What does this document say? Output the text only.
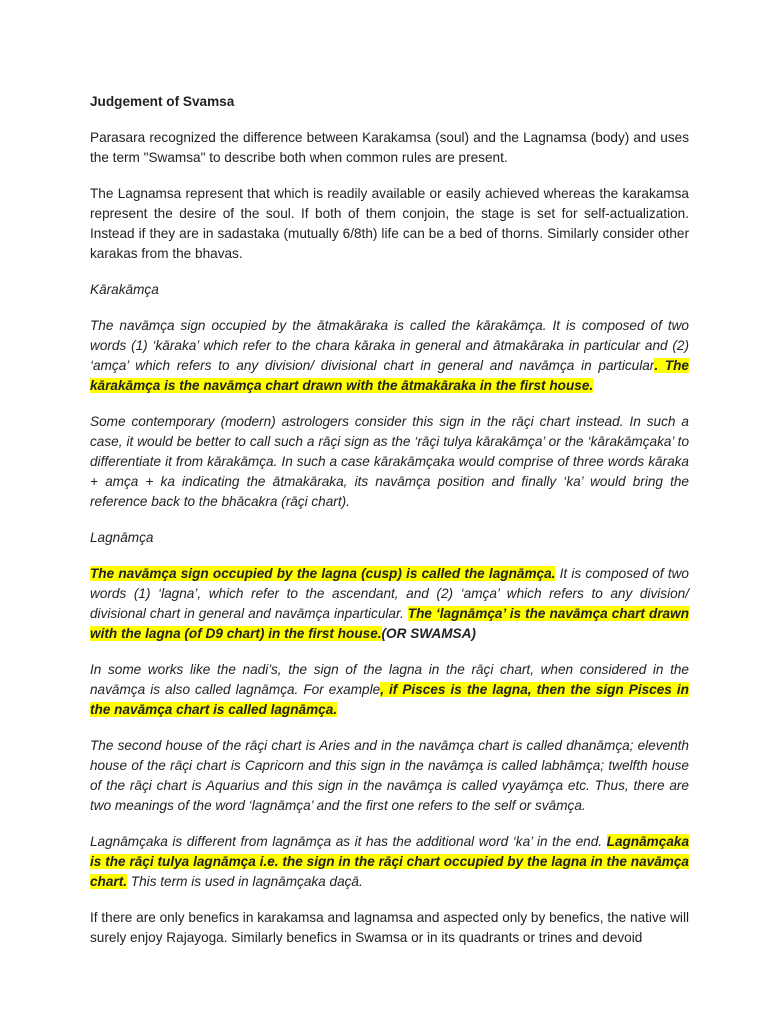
Judgement of Svamsa

Parasara recognized the difference between Karakamsa (soul) and the Lagnamsa (body) and uses the term "Swamsa" to describe both when common rules are present.

The Lagnamsa represent that which is readily available or easily achieved whereas the karakamsa represent the desire of the soul. If both of them conjoin, the stage is set for self-actualization. Instead if they are in sadastaka (mutually 6/8th) life can be a bed of thorns. Similarly consider other karakas from the bhavas.

Kārakāmça

The navāmça sign occupied by the ātmakāraka is called the kārakāmça. It is composed of two words (1) ‘kāraka’ which refer to the chara kāraka in general and ātmakāraka in particular and (2) ‘amça’ which refers to any division/ divisional chart in general and navāmça in particular. The kārakāmça is the navāmça chart drawn with the ātmakāraka in the first house.

Some contemporary (modern) astrologers consider this sign in the rāçi chart instead. In such a case, it would be better to call such a rāçi sign as the ‘rāçi tulya kārakāmça’ or the ‘kārakāmçaka’ to differentiate it from kārakāmça. In such a case kārakāmçaka would comprise of three words kāraka + amça + ka indicating the ātmakāraka, its navāmça position and finally ‘ka’ would bring the reference back to the bhācakra (rāçi chart).

Lagnāmça

The navāmça sign occupied by the lagna (cusp) is called the lagnāmça. It is composed of two words (1) ‘lagna’, which refer to the ascendant, and (2) ‘amça’ which refers to any division/ divisional chart in general and navāmça inparticular. The ‘lagnāmça’ is the navāmça chart drawn with the lagna (of D9 chart) in the first house.(OR SWAMSA)

In some works like the nadi’s, the sign of the lagna in the rāçi chart, when considered in the navāmça is also called lagnāmça. For example, if Pisces is the lagna, then the sign Pisces in the navāmça chart is called lagnāmça.

The second house of the rāçi chart is Aries and in the navāmça chart is called dhanāmça; eleventh house of the rāçi chart is Capricorn and this sign in the navāmça is called labhāmça; twelfth house of the rāçi chart is Aquarius and this sign in the navāmça is called vyayāmça etc. Thus, there are two meanings of the word ‘lagnāmça’ and the first one refers to the self or svāmça.

Lagnāmçaka is different from lagnāmça as it has the additional word ‘ka’ in the end. Lagnāmçaka is the rāçi tulya lagnāmça i.e. the sign in the rāçi chart occupied by the lagna in the navāmça chart. This term is used in lagnāmçaka daçā.

If there are only benefics in karakamsa and lagnamsa and aspected only by benefics, the native will surely enjoy Rajayoga. Similarly benefics in Swamsa or in its quadrants or trines and devoid
